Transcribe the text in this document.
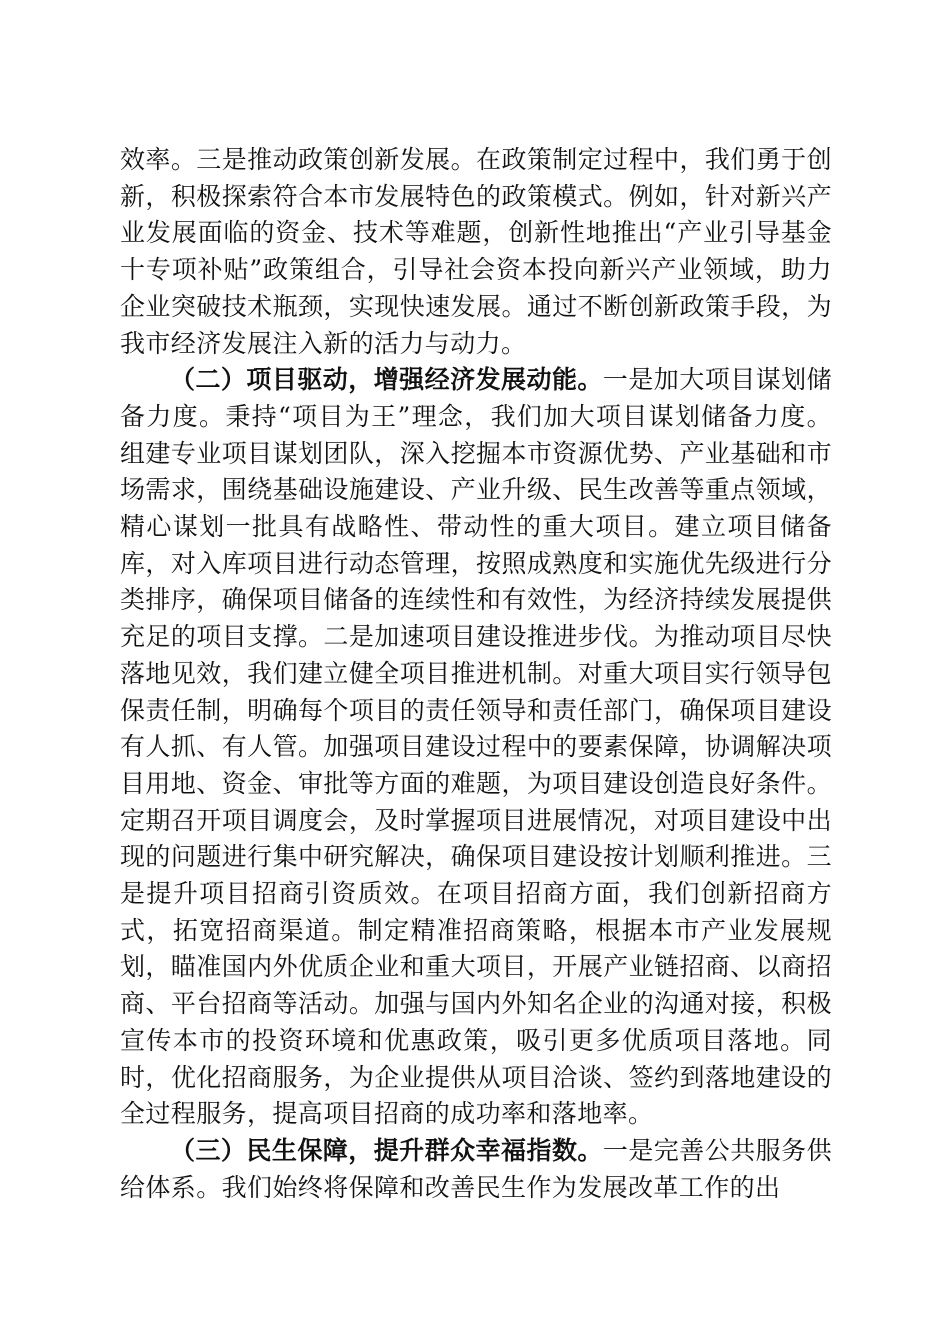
效率。三是推动政策创新发展。在政策制定过程中，我们勇于创新，积极探索符合本市发展特色的政策模式。例如，针对新兴产业发展面临的资金、技术等难题，创新性地推出“产业引导基金十专项补贴”政策组合，引导社会资本投向新兴产业领域，助力企业突破技术瓶颈，实现快速发展。通过不断创新政策手段，为我市经济发展注入新的活力与动力。

（二）项目驱动，增强经济发展动能。一是加大项目谋划储备力度。秉持“项目为王”理念，我们加大项目谋划储备力度。组建专业项目谋划团队，深入挖掘本市资源优势、产业基础和市场需求，围绕基础设施建设、产业升级、民生改善等重点领域，精心谋划一批具有战略性、带动性的重大项目。建立项目储备库，对入库项目进行动态管理，按照成熟度和实施优先级进行分类排序，确保项目储备的连续性和有效性，为经济持续发展提供充足的项目支撑。二是加速项目建设推进步伐。为推动项目尽快落地见效，我们建立健全项目推进机制。对重大项目实行领导包保责任制，明确每个项目的责任领导和责任部门，确保项目建设有人抓、有人管。加强项目建设过程中的要素保障，协调解决项目用地、资金、审批等方面的难题，为项目建设创造良好条件。定期召开项目调度会，及时掌握项目进展情况，对项目建设中出现的问题进行集中研究解决，确保项目建设按计划顺利推进。三是提升项目招商引资质效。在项目招商方面，我们创新招商方式，拓宽招商渠道。制定精准招商策略，根据本市产业发展规划，瞄准国内外优质企业和重大项目，开展产业链招商、以商招商、平台招商等活动。加强与国内外知名企业的沟通对接，积极宣传本市的投资环境和优惠政策，吸引更多优质项目落地。同时，优化招商服务，为企业提供从项目洽谈、签约到落地建设的全过程服务，提高项目招商的成功率和落地率。

（三）民生保障，提升群众幸福指数。一是完善公共服务供给体系。我们始终将保障和改善民生作为发展改革工作的出
